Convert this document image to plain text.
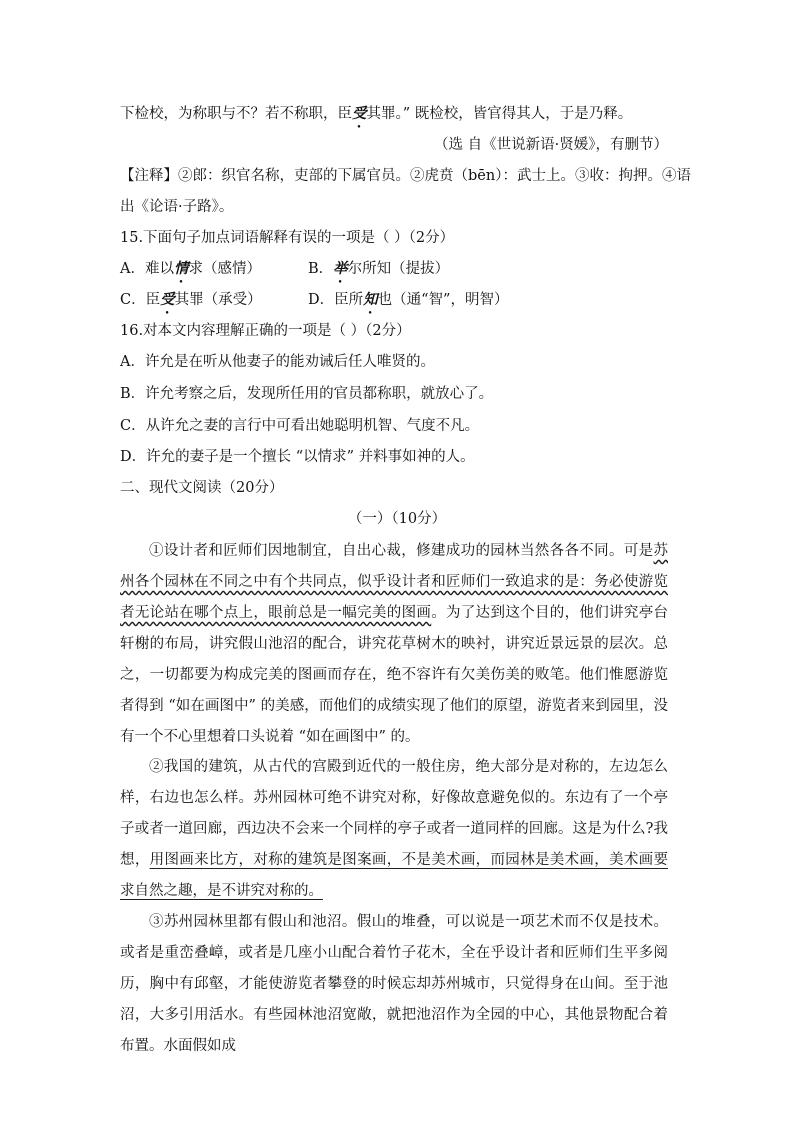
下检校，为称职与不？若不称职，臣受其罪。” 既检校，皆官得其人，于是乃释。
（选 自《世说新语·贤媛》，有删节）
【注释】②郎：织官名称，吏部的下属官员。②虎贲（bēn）：武士上。③收：拘押。④语
出《论语·子路》。
15.下面句子加点词语解释有误的一项是（ ）（2分）
A．难以情求（感情）	B．举尔所知（提拔）
C．臣受其罪（承受）	D．臣所知也（通“智”，明智）
16.对本文内容理解正确的一项是（ ）（2分）
A．许允是在听从他妻子的能劝诫后任人唯贤的。
B．许允考察之后，发现所任用的官员都称职，就放心了。
C．从许允之妻的言行中可看出她聪明机智、气度不凡。
D．许允的妻子是一个擅长 “以情求” 并料事如神的人。
二、现代文阅读（20分）
（一）（10分）
①设计者和匠师们因地制宜，自出心裁，修建成功的园林当然各各不同。可是苏州各个园林在不同之中有个共同点，似乎设计者和匠师们一致追求的是：务必使游览者无论站在哪个点上，眼前总是一幅完美的图画。为了达到这个目的，他们讲究亭台轩榭的布局，讲究假山池沼的配合，讲究花草树木的映衬，讲究近景远景的层次。总之，一切都要为构成完美的图画而存在，绝不容许有欠美伤美的败笔。他们惟愿游览者得到 “如在画图中” 的美感，而他们的成绩实现了他们的原望，游览者来到园里，没有一个不心里想着口头说着 “如在画图中” 的。
②我国的建筑，从古代的宫殿到近代的一般住房，绝大部分是对称的，左边怎么样，右边也怎么样。苏州园林可绝不讲究对称，好像故意避免似的。东边有了一个亭子或者一道回廊，西边决不会来一个同样的亭子或者一道同样的回廊。这是为什么?我想，用图画来比方，对称的建筑是图案画，不是美术画，而园林是美术画，美术画要求自然之趣，是不讲究对称的。
③苏州园林里都有假山和池沼。假山的堆叠，可以说是一项艺术而不仅是技术。或者是重峦叠嶂，或者是几座小山配合着竹子花木，全在乎设计者和匠师们生平多阅历，胸中有邱壑，才能使游览者攀登的时候忘却苏州城市，只觉得身在山间。至于池沼，大多引用活水。有些园林池沼宽敞，就把池沼作为全园的中心，其他景物配合着布置。水面假如成
